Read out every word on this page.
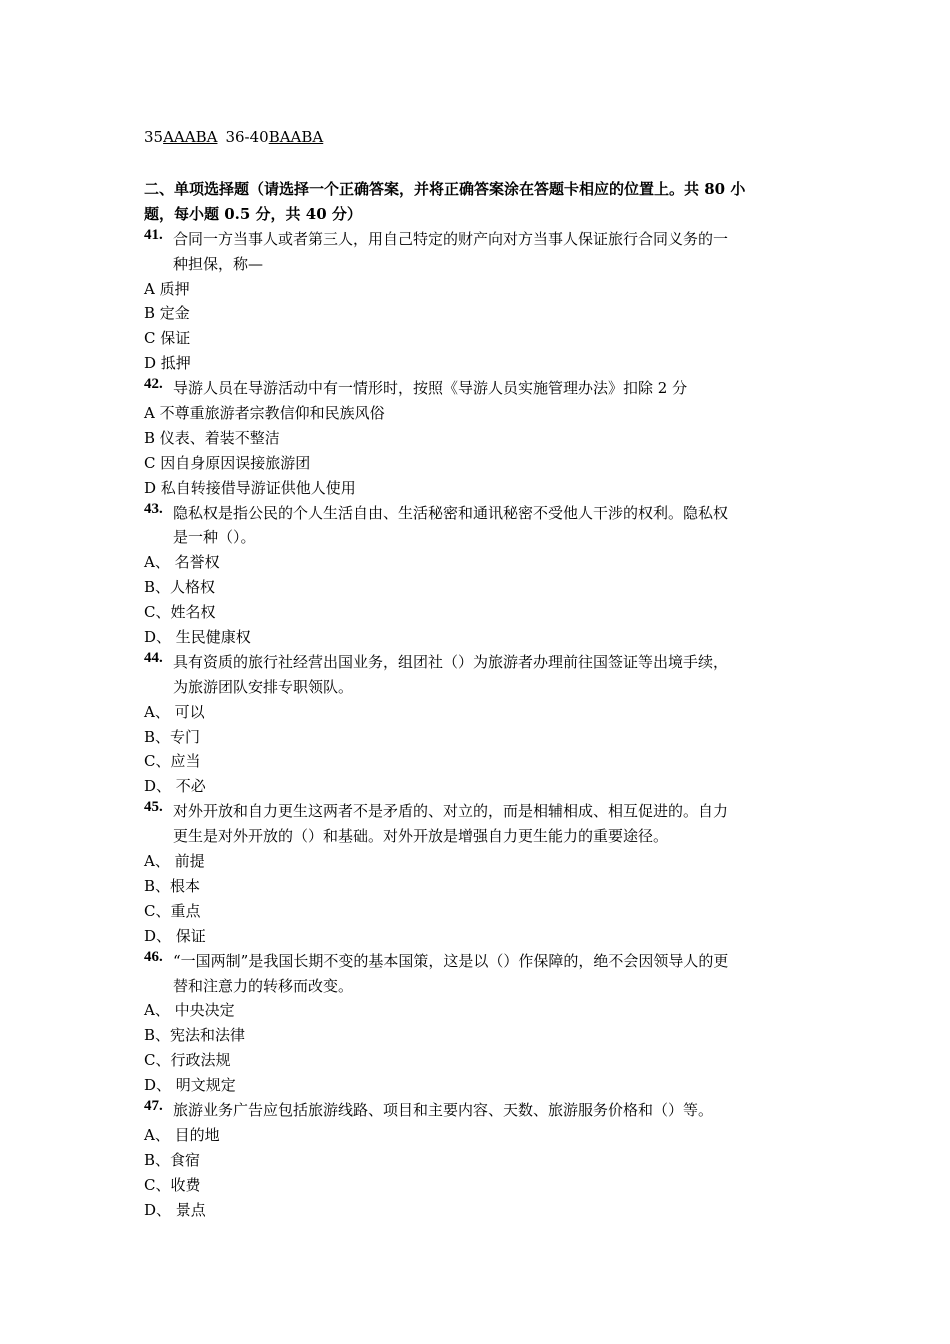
35AAABA 36-40BAABA
二、单项选择题（请选择一个正确答案，并将正确答案涂在答题卡相应的位置上。共 80 小
题，每小题 0.5 分，共 40 分）
41. 合同一方当事人或者第三人，用自己特定的财产向对方当事人保证旅行合同义务的一
种担保，称—
A 质押
B 定金
C 保证
D 抵押
42. 导游人员在导游活动中有一情形时，按照《导游人员实施管理办法》扣除 2 分
A 不尊重旅游者宗教信仰和民族风俗
B 仪表、着装不整洁
C 因自身原因误接旅游团
D 私自转接借导游证供他人使用
43. 隐私权是指公民的个人生活自由、生活秘密和通讯秘密不受他人干涉的权利。隐私权
是一种（）。
A、 名誉权
B、人格权
C、姓名权
D、 生民健康权
44. 具有资质的旅行社经营出国业务，组团社（）为旅游者办理前往国签证等出境手续，
为旅游团队安排专职领队。
A、 可以
B、专门
C、应当
D、 不必
45. 对外开放和自力更生这两者不是矛盾的、对立的，而是相辅相成、相互促进的。自力
更生是对外开放的（）和基础。对外开放是增强自力更生能力的重要途径。
A、 前提
B、根本
C、重点
D、 保证
46. “一国两制”是我国长期不变的基本国策，这是以（）作保障的，绝不会因领导人的更
替和注意力的转移而改变。
A、 中央决定
B、宪法和法律
C、行政法规
D、 明文规定
47. 旅游业务广告应包括旅游线路、项目和主要内容、天数、旅游服务价格和（）等。
A、 目的地
B、食宿
C、收费
D、 景点
